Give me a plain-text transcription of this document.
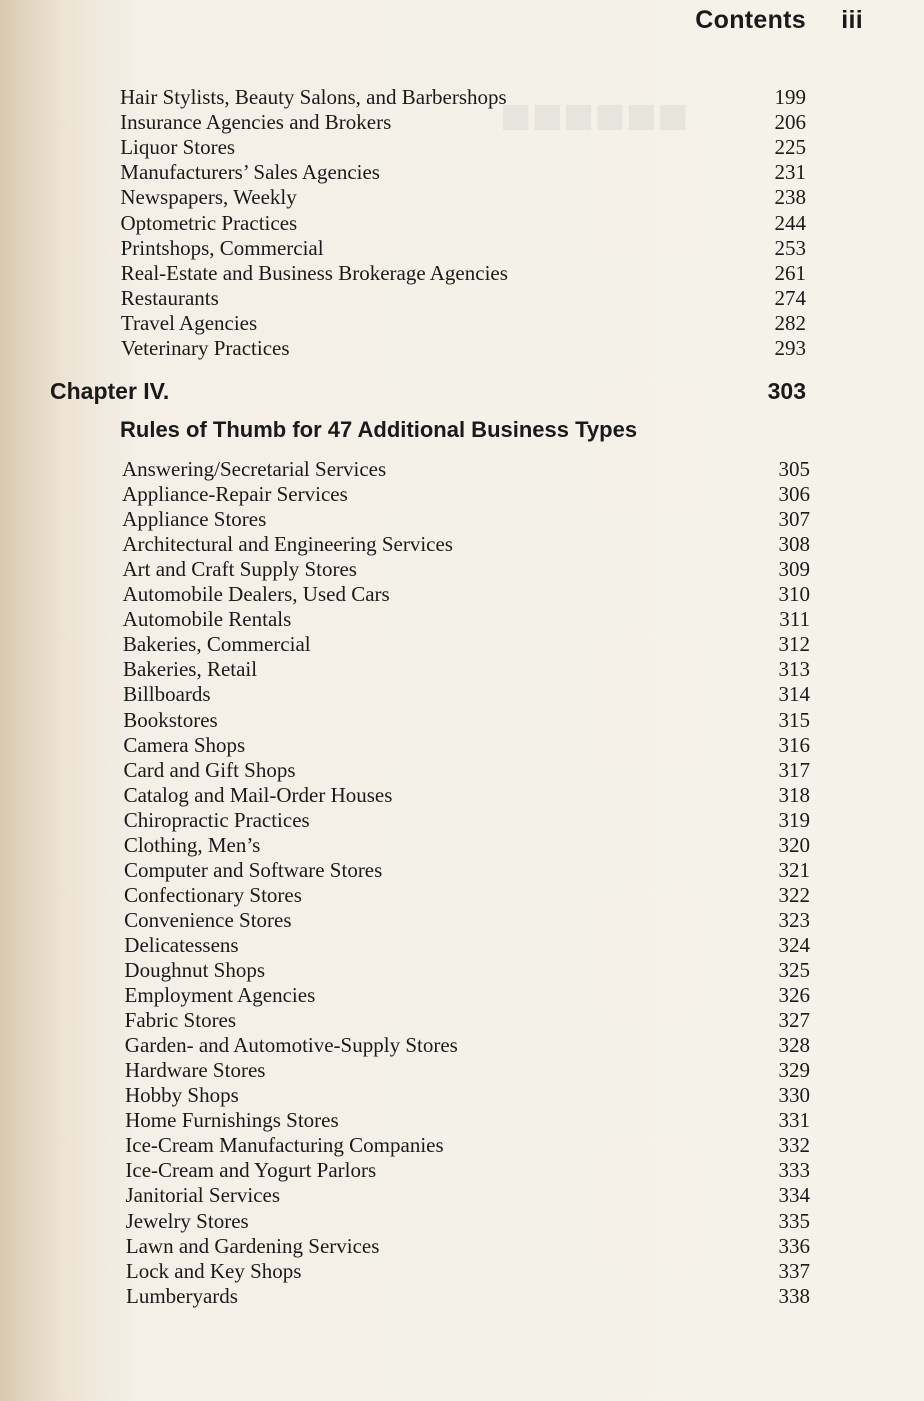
■■■■■■
Contents iii
Hair Stylists, Beauty Salons, and Barbershops	199
Insurance Agencies and Brokers	206
Liquor Stores	225
Manufacturers’ Sales Agencies	231
Newspapers, Weekly	238
Optometric Practices	244
Printshops, Commercial	253
Real-Estate and Business Brokerage Agencies	261
Restaurants	274
Travel Agencies	282
Veterinary Practices	293
Chapter IV.	303
Rules of Thumb for 47 Additional Business Types
Answering/Secretarial Services	305
Appliance-Repair Services	306
Appliance Stores	307
Architectural and Engineering Services	308
Art and Craft Supply Stores	309
Automobile Dealers, Used Cars	310
Automobile Rentals	311
Bakeries, Commercial	312
Bakeries, Retail	313
Billboards	314
Bookstores	315
Camera Shops	316
Card and Gift Shops	317
Catalog and Mail-Order Houses	318
Chiropractic Practices	319
Clothing, Men’s	320
Computer and Software Stores	321
Confectionary Stores	322
Convenience Stores	323
Delicatessens	324
Doughnut Shops	325
Employment Agencies	326
Fabric Stores	327
Garden- and Automotive-Supply Stores	328
Hardware Stores	329
Hobby Shops	330
Home Furnishings Stores	331
Ice-Cream Manufacturing Companies	332
Ice-Cream and Yogurt Parlors	333
Janitorial Services	334
Jewelry Stores	335
Lawn and Gardening Services	336
Lock and Key Shops	337
Lumberyards	338
